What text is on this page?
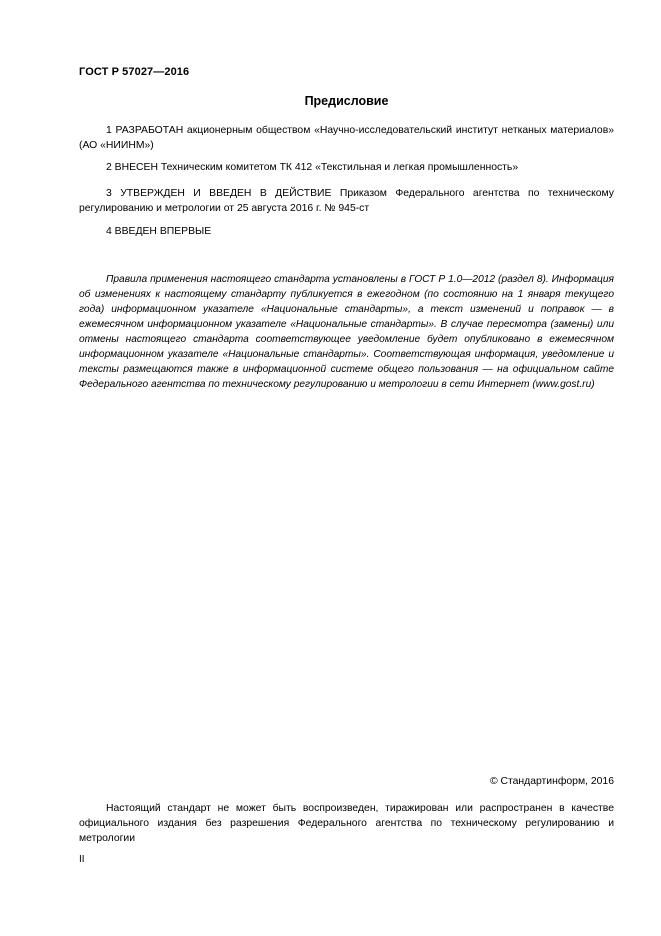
ГОСТ Р 57027—2016
Предисловие

1 РАЗРАБОТАН акционерным обществом «Научно-исследовательский институт нетканых материалов» (АО «НИИНМ»)

2 ВНЕСЕН Техническим комитетом ТК 412 «Текстильная и легкая промышленность»

3 УТВЕРЖДЕН И ВВЕДЕН В ДЕЙСТВИЕ Приказом Федерального агентства по техническому регулированию и метрологии от 25 августа 2016 г. № 945-ст

4 ВВЕДЕН ВПЕРВЫЕ

Правила применения настоящего стандарта установлены в ГОСТ Р 1.0—2012 (раздел 8). Информация об изменениях к настоящему стандарту публикуется в ежегодном (по состоянию на 1 января текущего года) информационном указателе «Национальные стандарты», а текст изменений и поправок — в ежемесячном информационном указателе «Национальные стандарты». В случае пересмотра (замены) или отмены настоящего стандарта соответствующее уведомление будет опубликовано в ежемесячном информационном указателе «Национальные стандарты». Соответствующая информация, уведомление и тексты размещаются также в информационной системе общего пользования — на официальном сайте Федерального агентства по техническому регулированию и метрологии в сети Интернет (www.gost.ru)

© Стандартинформ, 2016

Настоящий стандарт не может быть воспроизведен, тиражирован или распространен в качестве официального издания без разрешения Федерального агентства по техническому регулированию и метрологии

II
